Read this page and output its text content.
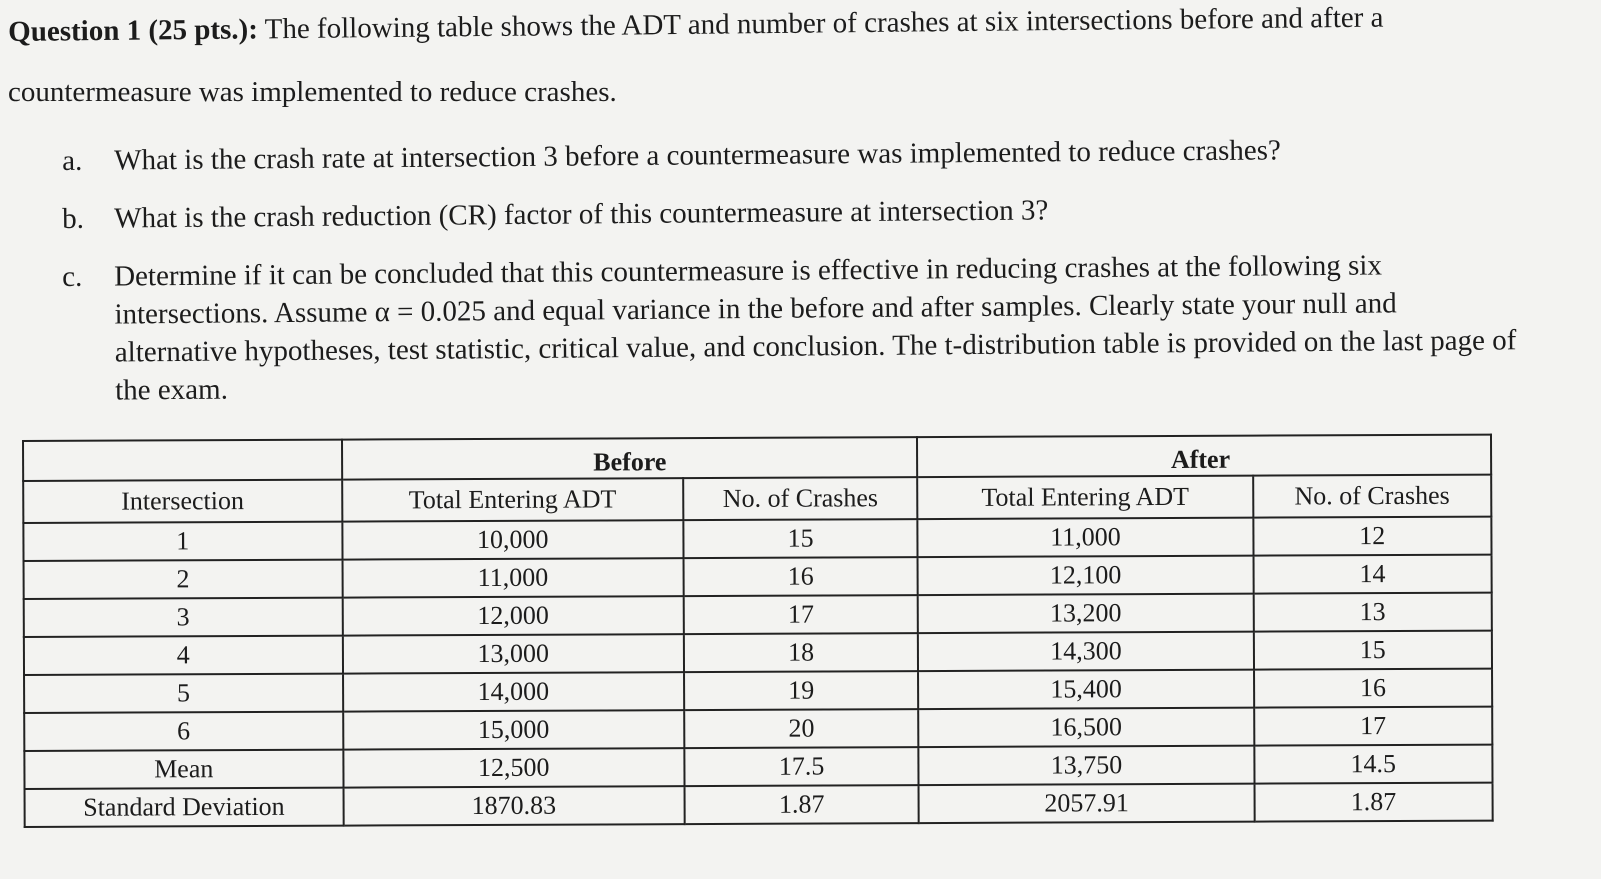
Question 1 (25 pts.): The following table shows the ADT and number of crashes at six intersections before and after a
countermeasure was implemented to reduce crashes.
a. What is the crash rate at intersection 3 before a countermeasure was implemented to reduce crashes?
b. What is the crash reduction (CR) factor of this countermeasure at intersection 3?
c. Determine if it can be concluded that this countermeasure is effective in reducing crashes at the following six intersections. Assume α = 0.025 and equal variance in the before and after samples. Clearly state your null and alternative hypotheses, test statistic, critical value, and conclusion. The t-distribution table is provided on the last page of the exam.
	Before		After	
Intersection	Total Entering ADT	No. of Crashes	Total Entering ADT	No. of Crashes
1	10,000	15	11,000	12
2	11,000	16	12,100	14
3	12,000	17	13,200	13
4	13,000	18	14,300	15
5	14,000	19	15,400	16
6	15,000	20	16,500	17
Mean	12,500	17.5	13,750	14.5
Standard Deviation	1870.83	1.87	2057.91	1.87
